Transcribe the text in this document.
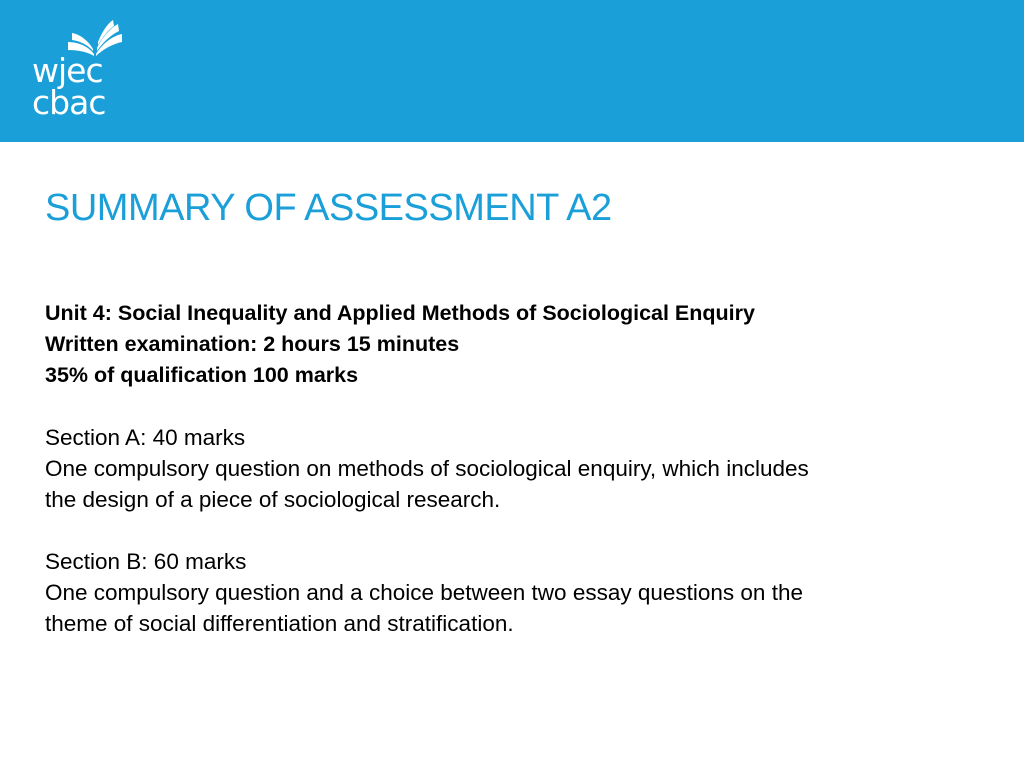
wjec
cbac
SUMMARY OF ASSESSMENT A2
Unit 4: Social Inequality and Applied Methods of Sociological Enquiry
Written examination: 2 hours 15 minutes
35% of qualification 100 marks
Section A: 40 marks
One compulsory question on methods of sociological enquiry, which includes
the design of a piece of sociological research.
Section B: 60 marks
One compulsory question and a choice between two essay questions on the
theme of social differentiation and stratification.
